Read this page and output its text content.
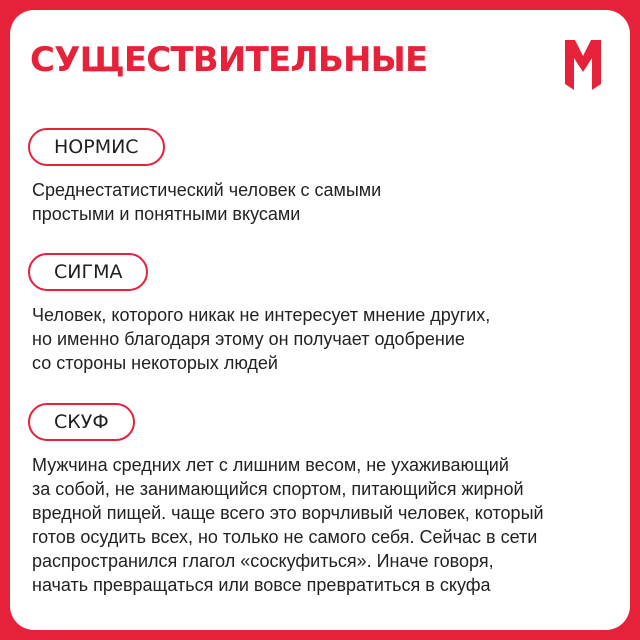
СУЩЕСТВИТЕЛЬНЫЕ
НОРМИС

Среднестатистический человек с самыми
простыми и понятными вкусами

СИГМА

Человек, которого никак не интересует мнение других,
но именно благодаря этому он получает одобрение
со стороны некоторых людей

СКУФ

Мужчина средних лет с лишним весом, не ухаживающий
за собой, не занимающийся спортом, питающийся жирной
вредной пищей. чаще всего это ворчливый человек, который
готов осудить всех, но только не самого себя. Сейчас в сети
распространился глагол «соскуфиться». Иначе говоря,
начать превращаться или вовсе превратиться в скуфа
